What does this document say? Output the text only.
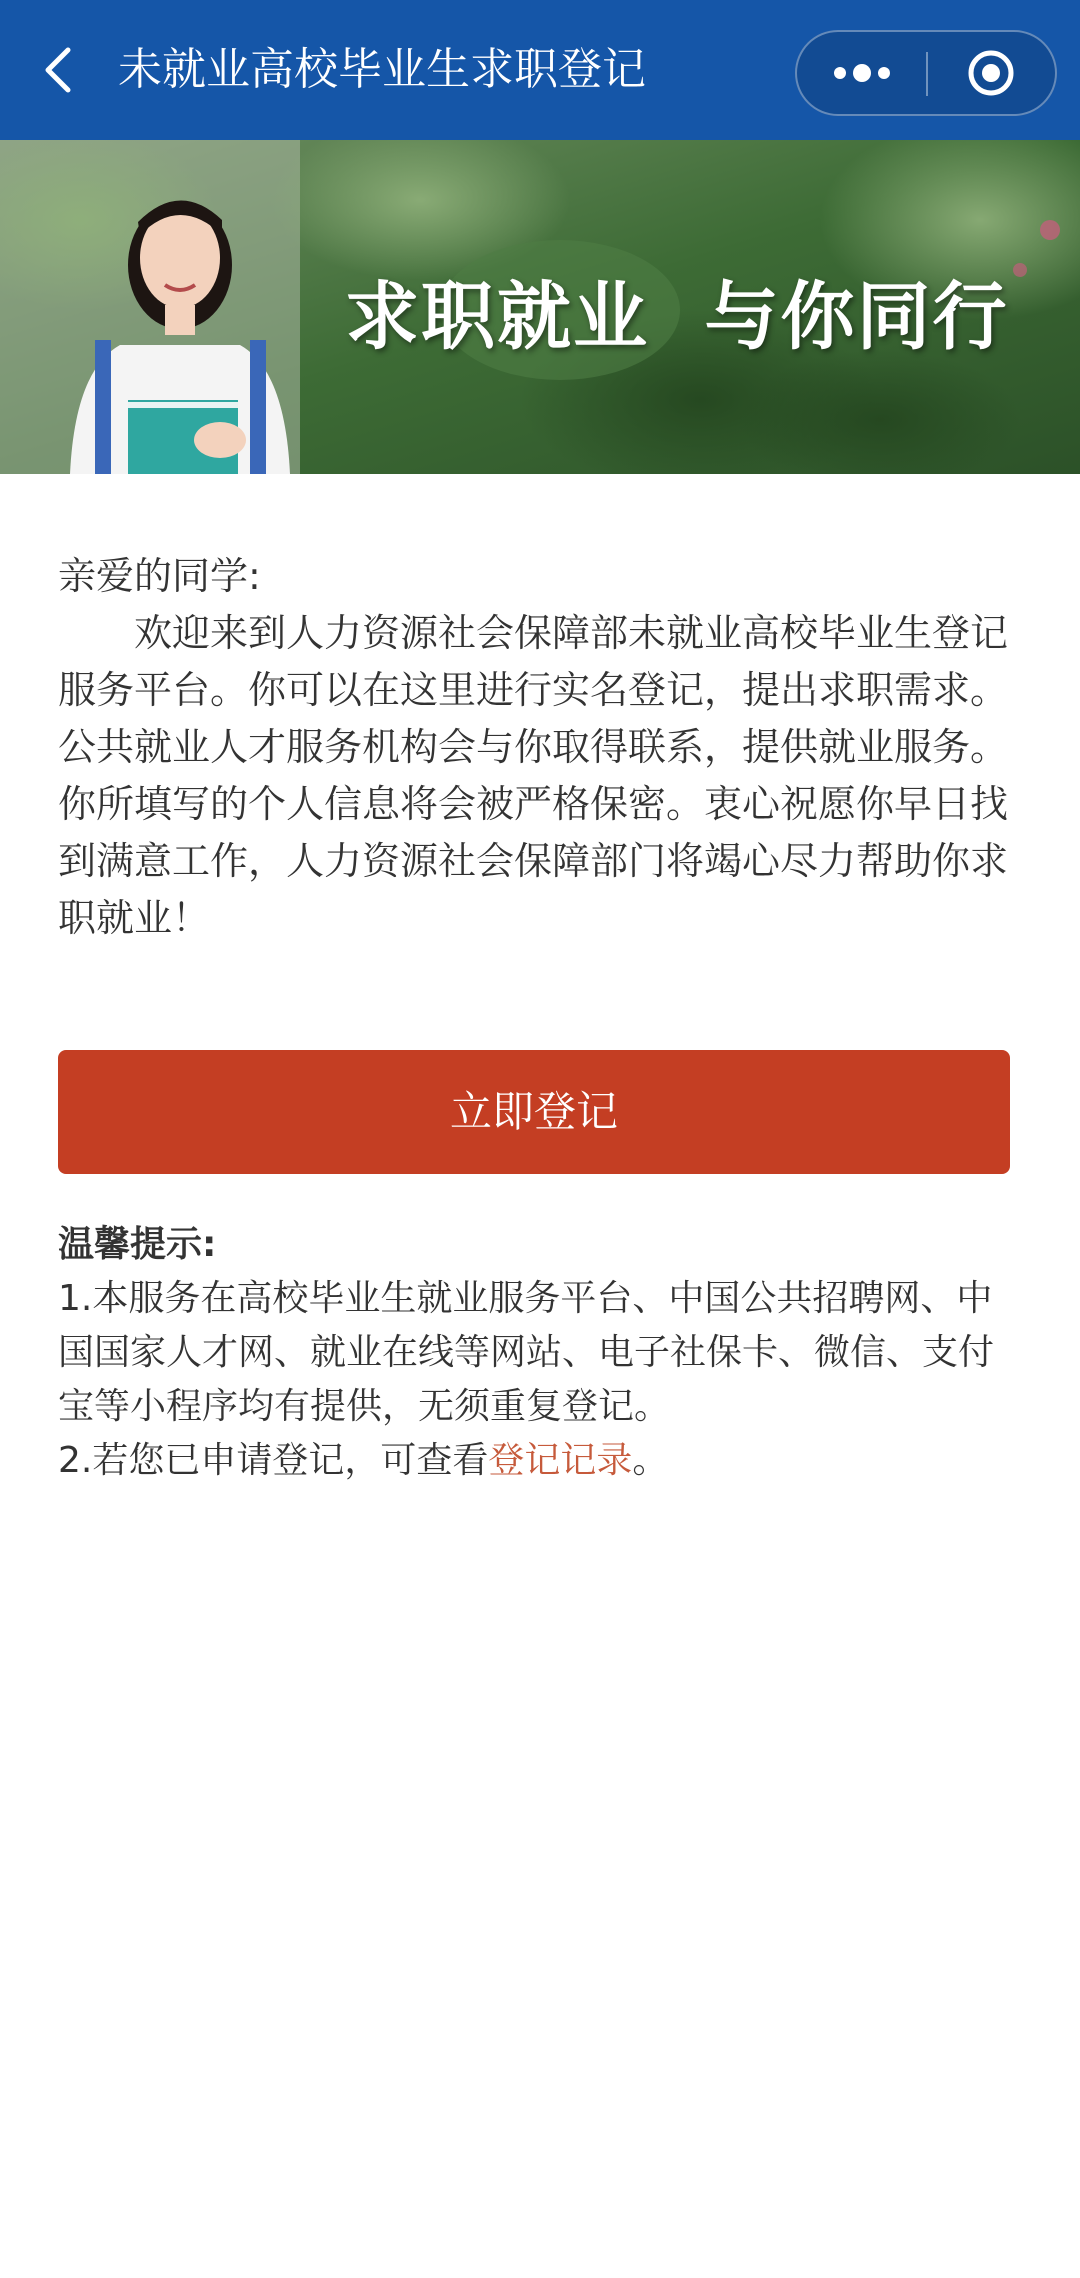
未就业高校毕业生求职登记
求职就业  与你同行
亲爱的同学:
欢迎来到人力资源社会保障部未就业高校毕业生登记服务平台。你可以在这里进行实名登记，提出求职需求。公共就业人才服务机构会与你取得联系，提供就业服务。你所填写的个人信息将会被严格保密。衷心祝愿你早日找到满意工作，人力资源社会保障部门将竭心尽力帮助你求职就业！
立即登记
温馨提示:
1.本服务在高校毕业生就业服务平台、中国公共招聘网、中国国家人才网、就业在线等网站、电子社保卡、微信、支付宝等小程序均有提供，无须重复登记。
2.若您已申请登记，可查看登记记录。
